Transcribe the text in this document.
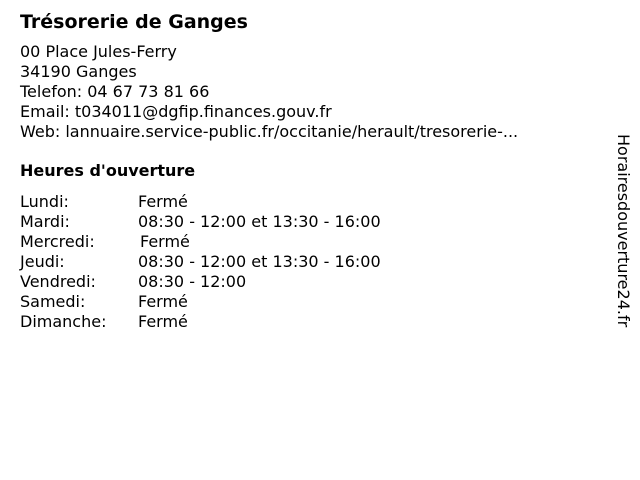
Trésorerie de Ganges
00 Place Jules-Ferry
34190 Ganges
Telefon: 04 67 73 81 66
Email: t034011@dgfip.finances.gouv.fr
Web: lannuaire.service-public.fr/occitanie/herault/tresorerie-...
Heures d'ouverture
Lundi:	Fermé
Mardi:	08:30 - 12:00 et 13:30 - 16:00
Mercredi:	Fermé
Jeudi:	08:30 - 12:00 et 13:30 - 16:00
Vendredi:	08:30 - 12:00
Samedi:	Fermé
Dimanche: Fermé	Horairesdouverture24.fr
